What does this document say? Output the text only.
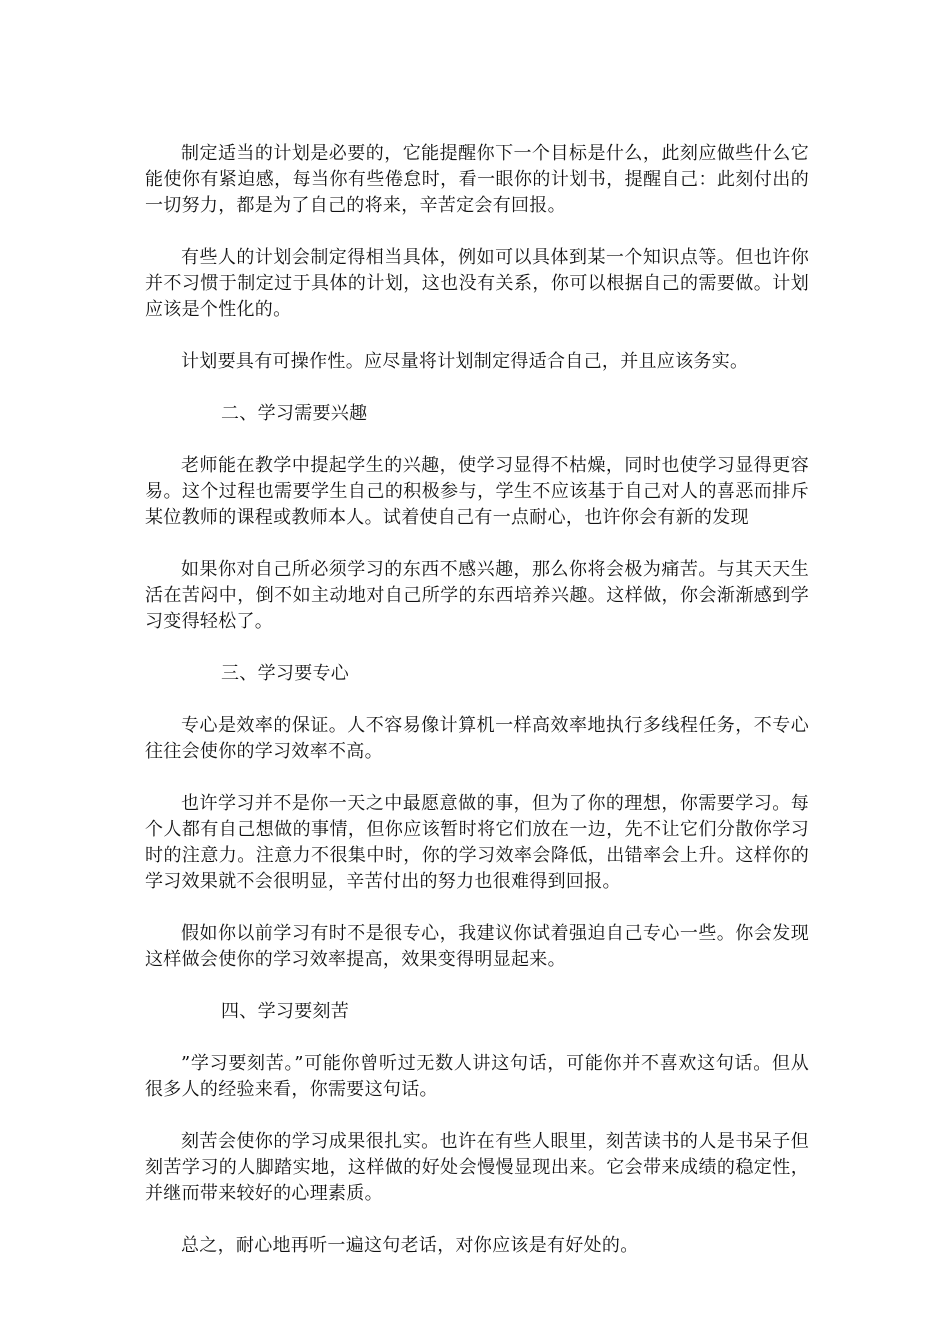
制定适当的计划是必要的，它能提醒你下一个目标是什么，此刻应做些什么它能使你有紧迫感，每当你有些倦怠时，看一眼你的计划书，提醒自己：此刻付出的一切努力，都是为了自己的将来，辛苦定会有回报。

有些人的计划会制定得相当具体，例如可以具体到某一个知识点等。但也许你并不习惯于制定过于具体的计划，这也没有关系，你可以根据自己的需要做。计划应该是个性化的。

计划要具有可操作性。应尽量将计划制定得适合自己，并且应该务实。

二、学习需要兴趣

老师能在教学中提起学生的兴趣，使学习显得不枯燥，同时也使学习显得更容易。这个过程也需要学生自己的积极参与，学生不应该基于自己对人的喜恶而排斥某位教师的课程或教师本人。试着使自己有一点耐心，也许你会有新的发现

如果你对自己所必须学习的东西不感兴趣，那么你将会极为痛苦。与其天天生活在苦闷中，倒不如主动地对自己所学的东西培养兴趣。这样做，你会渐渐感到学习变得轻松了。

三、学习要专心

专心是效率的保证。人不容易像计算机一样高效率地执行多线程任务，不专心往往会使你的学习效率不高。

也许学习并不是你一天之中最愿意做的事，但为了你的理想，你需要学习。每个人都有自己想做的事情，但你应该暂时将它们放在一边，先不让它们分散你学习时的注意力。注意力不很集中时，你的学习效率会降低，出错率会上升。这样你的学习效果就不会很明显，辛苦付出的努力也很难得到回报。

假如你以前学习有时不是很专心，我建议你试着强迫自己专心一些。你会发现这样做会使你的学习效率提高，效果变得明显起来。

四、学习要刻苦

”学习要刻苦。”可能你曾听过无数人讲这句话，可能你并不喜欢这句话。但从很多人的经验来看，你需要这句话。

刻苦会使你的学习成果很扎实。也许在有些人眼里，刻苦读书的人是书呆子但刻苦学习的人脚踏实地，这样做的好处会慢慢显现出来。它会带来成绩的稳定性，并继而带来较好的心理素质。

总之，耐心地再听一遍这句老话，对你应该是有好处的。
